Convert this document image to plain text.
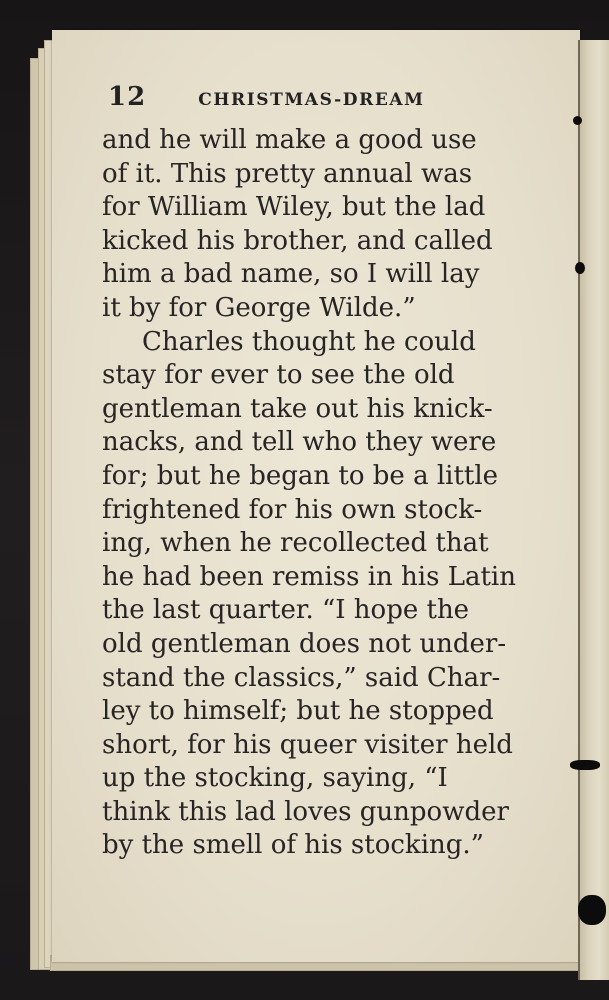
12	CHRISTMAS-DREAM
and he will make a good use
of it. This pretty annual was
for William Wiley, but the lad
kicked his brother, and called
him a bad name, so I will lay
it by for George Wilde.”
Charles thought he could
stay for ever to see the old
gentleman take out his knick-
nacks, and tell who they were
for; but he began to be a little
frightened for his own stock-
ing, when he recollected that
he had been remiss in his Latin
the last quarter. “I hope the
old gentleman does not under-
stand the classics,” said Char-
ley to himself; but he stopped
short, for his queer visiter held
up the stocking, saying, “I
think this lad loves gunpowder
by the smell of his stocking.”
